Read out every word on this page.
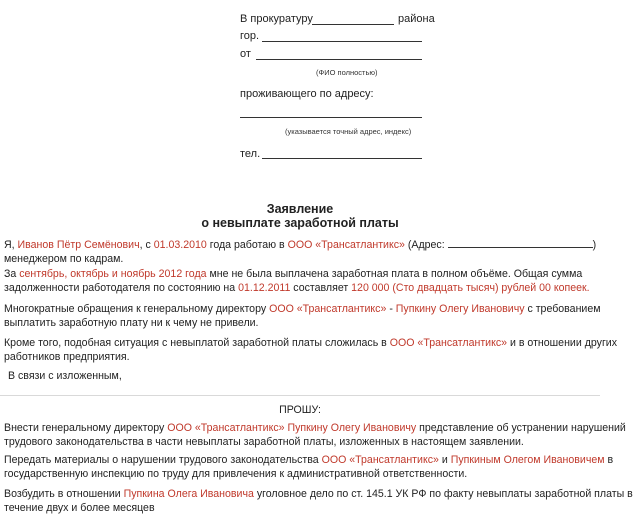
В прокуратуру	района
гор.
от
(ФИО полностью)
проживающего по адресу:
(указывается точный адрес, индекс)
тел.
Заявление
о невыплате заработной платы
Я, Иванов Пётр Семёнович, с 01.03.2010 года работаю в ООО «Трансатлантикс» (Адрес:	)
менеджером по кадрам.
За сентябрь, октябрь и ноябрь 2012 года мне не была выплачена заработная плата в полном объёме. Общая сумма
задолженности работодателя по состоянию на 01.12.2011 составляет 120 000 (Сто двадцать тысяч) рублей 00 копеек.
Многократные обращения к генеральному директору ООО «Трансатлантикс» - Пупкину Олегу Ивановичу с требованием
выплатить заработную плату ни к чему не привели.
Кроме того, подобная ситуация с невыплатой заработной платы сложилась в ООО «Трансатлантикс» и в отношении других
работников предприятия.
В связи с изложенным,
ПРОШУ:
Внести генеральному директору ООО «Трансатлантикс» Пупкину Олегу Ивановичу представление об устранении нарушений
трудового законодательства в части невыплаты заработной платы, изложенных в настоящем заявлении.
Передать материалы о нарушении трудового законодательства ООО «Трансатлантикс» и Пупкиным Олегом Ивановичем в
государственную инспекцию по труду для привлечения к административной ответственности.
Возбудить в отношении Пупкина Олега Ивановича уголовное дело по ст. 145.1 УК РФ по факту невыплаты заработной платы в
течение двух и более месяцев
